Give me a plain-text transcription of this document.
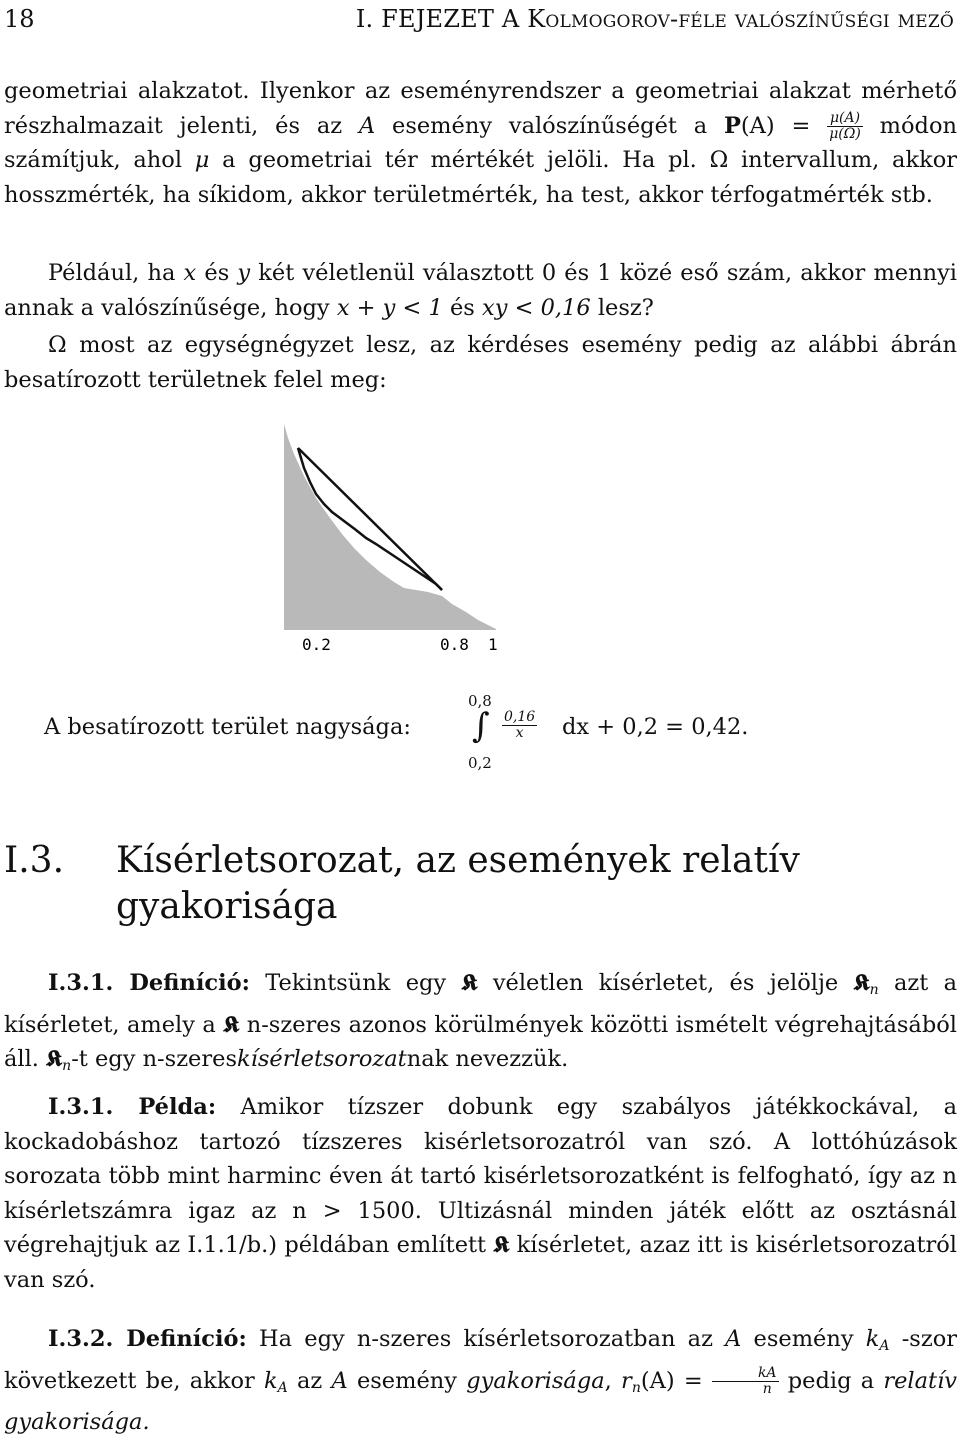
18	I. FEJEZET A Kolmogorov-féle valószínűségi mező
geometriai alakzatot. Ilyenkor az eseményrendszer a geometriai alakzat mérhető részhalmazait jelenti, és az A esemény valószínűségét a $P(A) = \frac{\mu(A)}{\mu(\Omega)}$ módon számítjuk, ahol μ a geometriai tér mértékét jelöli. Ha pl. Ω intervallum, akkor hosszmérték, ha síkidom, akkor területmérték, ha test, akkor térfogatmérték stb.
Például, ha x és y két véletlenül választott 0 és 1 közé eső szám, akkor mennyi annak a valószínűsége, hogy x + y < 1 és xy < 0,16 lesz?
Ω most az egységnégyzet lesz, az kérdéses esemény pedig az alábbi ábrán besatírozott területnek felel meg:
0.2	0.8 1
A besatírozott terület nagysága:
0,8
∫
0,2
$\frac{0,16}{x}$ dx + 0,2 = 0,42.
I.3. Kísérletsorozat, az események relatív gyakorisága
I.3.1. Definíció: Tekintsünk egy 𝕶 véletlen kísérletet, és jelölje 𝕶$_n$ azt a kísérletet, amely a 𝕶 n-szeres azonos körülmények közötti ismételt végrehajtásából áll. 𝕶$_n$-t egy n-szereskísérletsorozatnak nevezzük.
I.3.1. Példa: Amikor tízszer dobunk egy szabályos játékkockával, a kockadobáshoz tartozó tízszeres kisérletsorozatról van szó. A lottóhúzások sorozata több mint harminc éven át tartó kisérletsorozatként is felfogható, így az n kísérletszámra igaz az n > 1500. Ultizásnál minden játék előtt az osztásnál végrehajtjuk az I.1.1/b.) példában említett 𝕶 kísérletet, azaz itt is kisérletsorozatról van szó.
I.3.2. Definíció: Ha egy n-szeres kísérletsorozatban az A esemény $k_A$ -szor következett be, akkor $k_A$ az A esemény gyakorisága, $r_n(A) = \frac{kA}{n}$ pedig a relatív gyakorisága.
